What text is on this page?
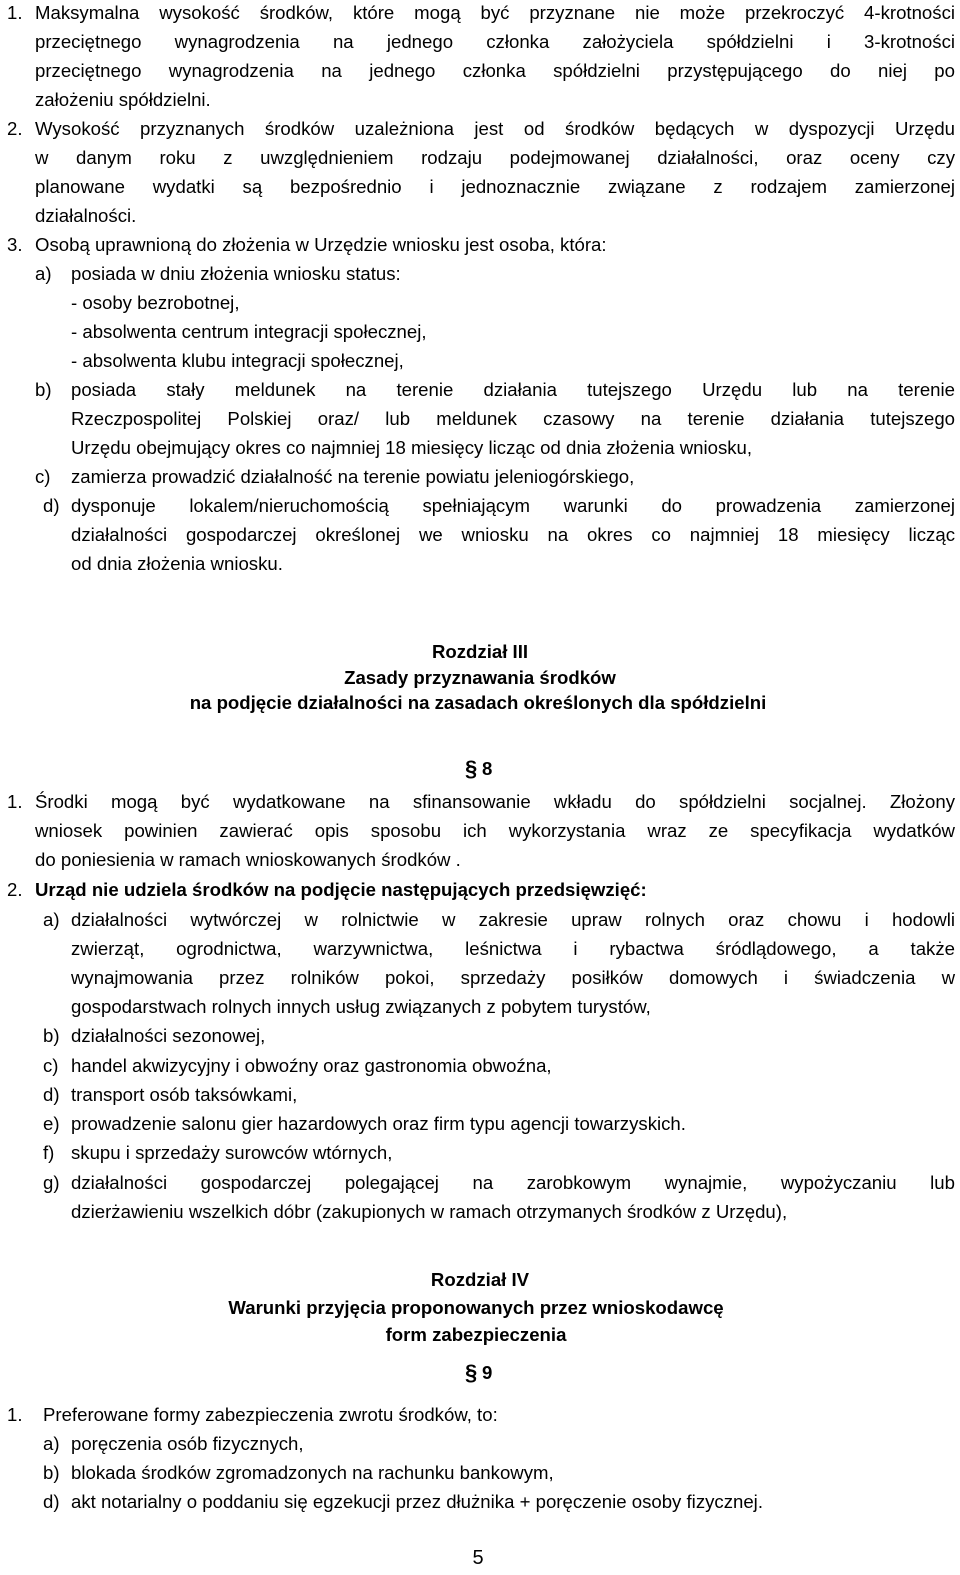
1. Maksymalna wysokość środków, które mogą być przyznane nie może przekroczyć 4-krotności
przeciętnego wynagrodzenia na jednego członka założyciela spółdzielni i 3-krotności
przeciętnego wynagrodzenia na jednego członka spółdzielni przystępującego do niej po
założeniu spółdzielni.
2. Wysokość przyznanych środków uzależniona jest od środków będących w dyspozycji Urzędu
w danym roku z uwzględnieniem rodzaju podejmowanej działalności, oraz oceny czy
planowane wydatki są bezpośrednio i jednoznacznie związane z rodzajem zamierzonej
działalności.
3. Osobą uprawnioną do złożenia w Urzędzie wniosku jest osoba, która:
a) posiada w dniu złożenia wniosku status:
- osoby bezrobotnej,
- absolwenta centrum integracji społecznej,
- absolwenta klubu integracji społecznej,
b) posiada stały meldunek na terenie działania tutejszego Urzędu lub na terenie
Rzeczpospolitej Polskiej oraz/ lub meldunek czasowy na terenie działania tutejszego
Urzędu obejmujący okres co najmniej 18 miesięcy licząc od dnia złożenia wniosku,
c) zamierza prowadzić działalność na terenie powiatu jeleniogórskiego,
d) dysponuje lokalem/nieruchomością spełniającym warunki do prowadzenia zamierzonej
działalności gospodarczej określonej we wniosku na okres co najmniej 18 miesięcy licząc
od dnia złożenia wniosku.
Rozdział III
Zasady przyznawania środków
na podjęcie działalności na zasadach określonych dla spółdzielni
§ 8
1. Środki mogą być wydatkowane na sfinansowanie wkładu do spółdzielni socjalnej. Złożony
wniosek powinien zawierać opis sposobu ich wykorzystania wraz ze specyfikacja wydatków
do poniesienia w ramach wnioskowanych środków .
2. Urząd nie udziela środków na podjęcie następujących przedsięwzięć:
a) działalności wytwórczej w rolnictwie w zakresie upraw rolnych oraz chowu i hodowli
zwierząt, ogrodnictwa, warzywnictwa, leśnictwa i rybactwa śródlądowego, a także
wynajmowania przez rolników pokoi, sprzedaży posiłków domowych i świadczenia w
gospodarstwach rolnych innych usług związanych z pobytem turystów,
b) działalności sezonowej,
c) handel akwizycyjny i obwoźny oraz gastronomia obwoźna,
d) transport osób taksówkami,
e) prowadzenie salonu gier hazardowych oraz firm typu agencji towarzyskich.
f) skupu i sprzedaży surowców wtórnych,
g) działalności gospodarczej polegającej na zarobkowym wynajmie, wypożyczaniu lub
dzierżawieniu wszelkich dóbr (zakupionych w ramach otrzymanych środków z Urzędu),
Rozdział IV
Warunki przyjęcia proponowanych przez wnioskodawcę
form zabezpieczenia
§ 9
1. Preferowane formy zabezpieczenia zwrotu środków, to:
a) poręczenia osób fizycznych,
b) blokada środków zgromadzonych na rachunku bankowym,
d) akt notarialny o poddaniu się egzekucji przez dłużnika + poręczenie osoby fizycznej.
5
